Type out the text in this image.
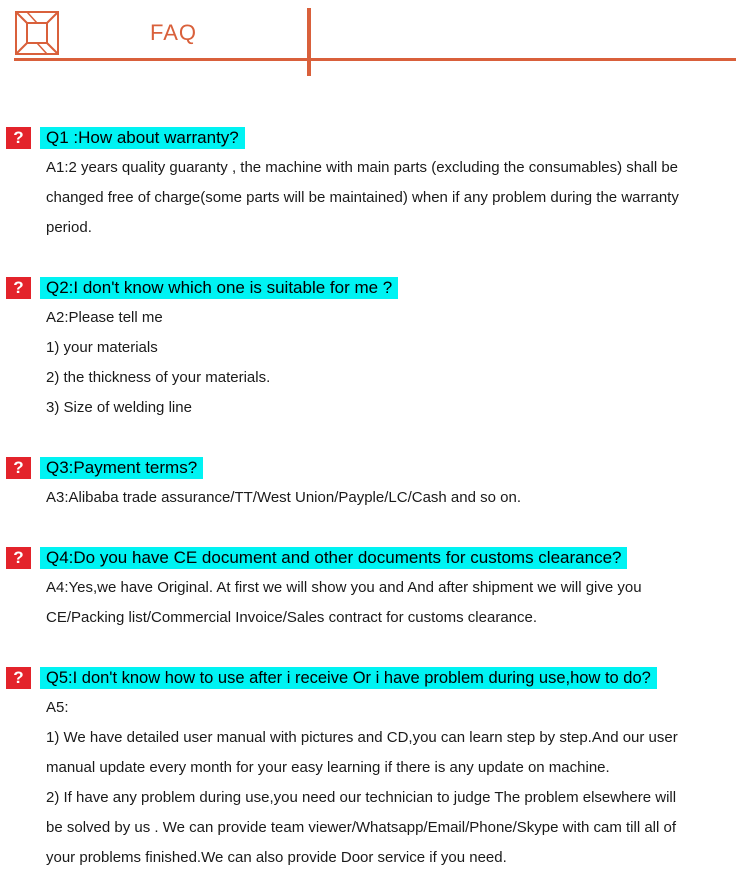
FAQ
?	Q1 :How about warranty?
A1:2 years quality guaranty , the machine with main parts (excluding the consumables) shall be
changed free of charge(some parts will be maintained) when if any problem during the warranty
period.
?	Q2:I don't know which one is suitable for me ?
A2:Please tell me
1) your materials
2) the thickness of your materials.
3) Size of welding line
?	Q3:Payment terms?
A3:Alibaba trade assurance/TT/West Union/Payple/LC/Cash and so on.
?	Q4:Do you have CE document and other documents for customs clearance?
A4:Yes,we have Original. At first we will show you and And after shipment we will give you
CE/Packing list/Commercial Invoice/Sales contract for customs clearance.
?	Q5:I don't know how to use after i receive Or i have problem during use,how to do?
A5:
1) We have detailed user manual with pictures and CD,you can learn step by step.And our user
manual update every month for your easy learning if there is any update on machine.
2) If have any problem during use,you need our technician to judge The problem elsewhere will
be solved by us . We can provide team viewer/Whatsapp/Email/Phone/Skype with cam till all of
your problems finished.We can also provide Door service if you need.
